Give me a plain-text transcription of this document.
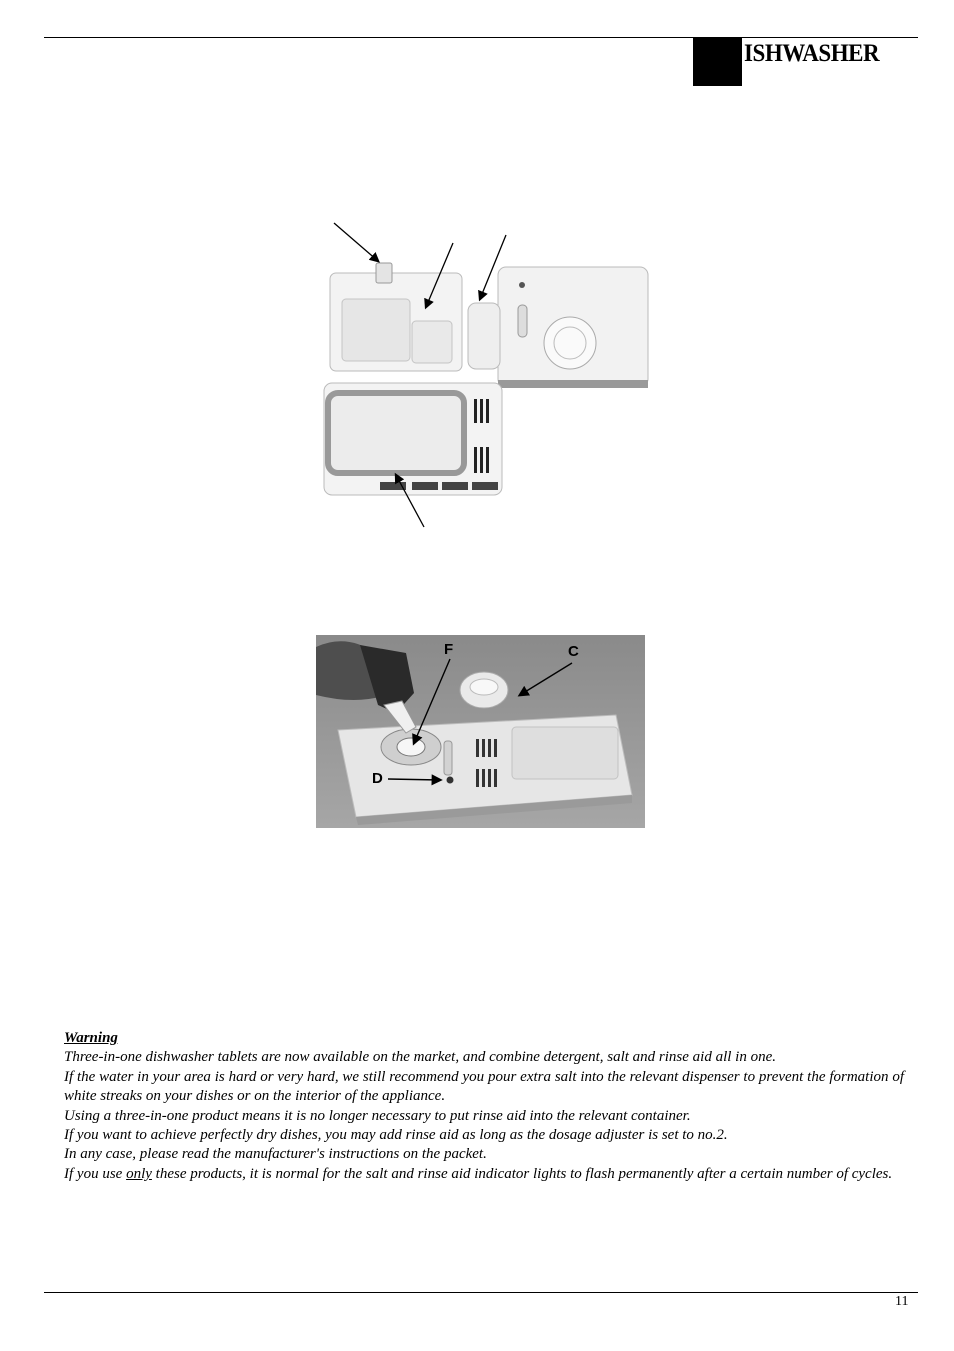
ISHWASHER
F	C
D
Warning
Three-in-one dishwasher tablets are now available on the market, and combine detergent, salt and rinse aid all in one.
If the water in your area is hard or very hard, we still recommend you pour extra salt into the relevant dispenser to prevent the formation of white streaks on your dishes or on the interior of the appliance.
Using a three-in-one product means it is no longer necessary to put rinse aid into the relevant container.
If you want to achieve perfectly dry dishes, you may add rinse aid as long as the dosage adjuster is set to no.2.
In any case, please read the manufacturer's instructions on the packet.
If you use only these products, it is normal for the salt and rinse aid indicator lights to flash permanently after a certain number of cycles.
11
